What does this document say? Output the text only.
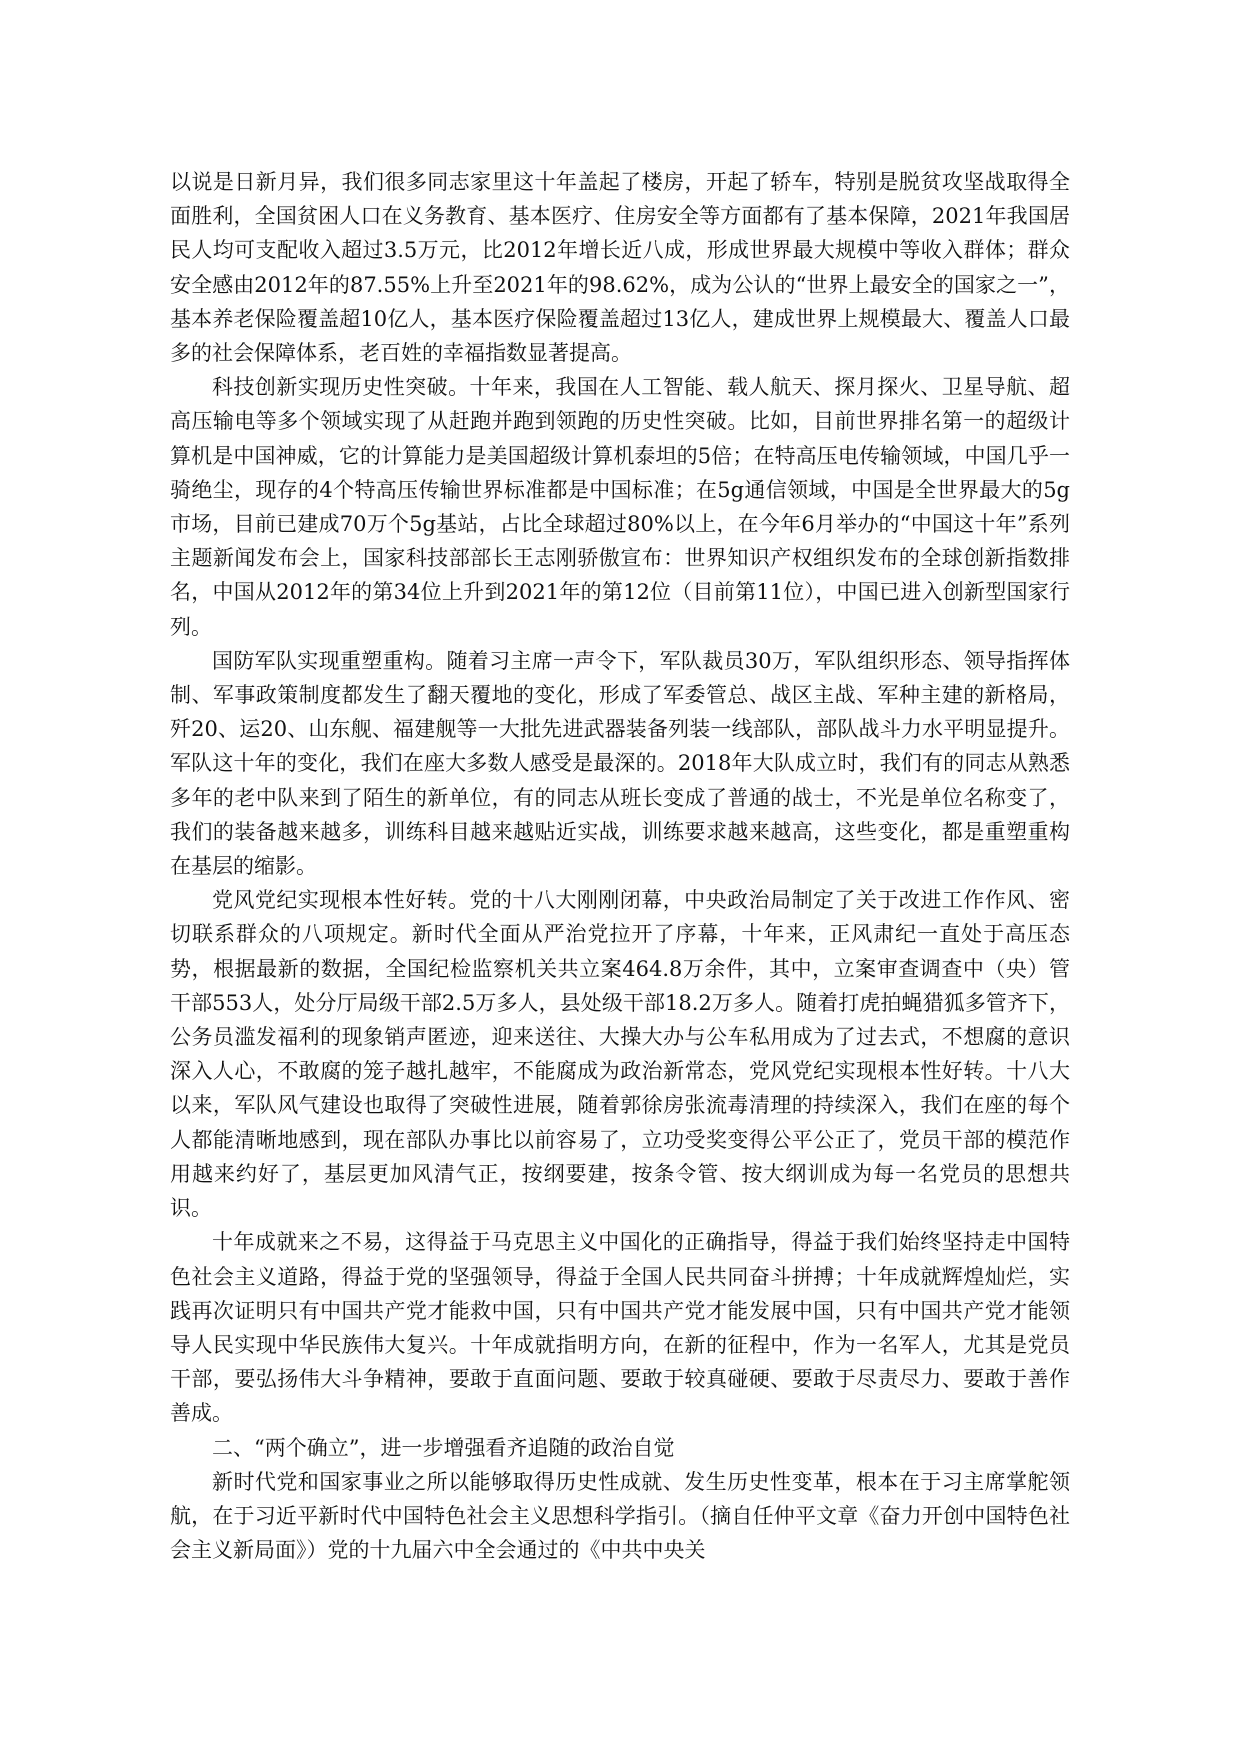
以说是日新月异，我们很多同志家里这十年盖起了楼房，开起了轿车，特别是脱贫攻坚战取得全面胜利，全国贫困人口在义务教育、基本医疗、住房安全等方面都有了基本保障，2021年我国居民人均可支配收入超过3.5万元，比2012年增长近八成，形成世界最大规模中等收入群体；群众安全感由2012年的87.55%上升至2021年的98.62%，成为公认的“世界上最安全的国家之一”，基本养老保险覆盖超10亿人，基本医疗保险覆盖超过13亿人，建成世界上规模最大、覆盖人口最多的社会保障体系，老百姓的幸福指数显著提高。

科技创新实现历史性突破。十年来，我国在人工智能、载人航天、探月探火、卫星导航、超高压输电等多个领域实现了从赶跑并跑到领跑的历史性突破。比如，目前世界排名第一的超级计算机是中国神威，它的计算能力是美国超级计算机泰坦的5倍；在特高压电传输领域，中国几乎一骑绝尘，现存的4个特高压传输世界标准都是中国标准；在5g通信领域，中国是全世界最大的5g市场，目前已建成70万个5g基站，占比全球超过80%以上，在今年6月举办的“中国这十年”系列主题新闻发布会上，国家科技部部长王志刚骄傲宣布：世界知识产权组织发布的全球创新指数排名，中国从2012年的第34位上升到2021年的第12位（目前第11位），中国已进入创新型国家行列。

国防军队实现重塑重构。随着习主席一声令下，军队裁员30万，军队组织形态、领导指挥体制、军事政策制度都发生了翻天覆地的变化，形成了军委管总、战区主战、军种主建的新格局，歼20、运20、山东舰、福建舰等一大批先进武器装备列装一线部队，部队战斗力水平明显提升。军队这十年的变化，我们在座大多数人感受是最深的。2018年大队成立时，我们有的同志从熟悉多年的老中队来到了陌生的新单位，有的同志从班长变成了普通的战士，不光是单位名称变了，我们的装备越来越多，训练科目越来越贴近实战，训练要求越来越高，这些变化，都是重塑重构在基层的缩影。

党风党纪实现根本性好转。党的十八大刚刚闭幕，中央政治局制定了关于改进工作作风、密切联系群众的八项规定。新时代全面从严治党拉开了序幕，十年来，正风肃纪一直处于高压态势，根据最新的数据，全国纪检监察机关共立案464.8万余件，其中，立案审查调查中（央）管干部553人，处分厅局级干部2.5万多人，县处级干部18.2万多人。随着打虎拍蝇猎狐多管齐下，公务员滥发福利的现象销声匿迹，迎来送往、大操大办与公车私用成为了过去式，不想腐的意识深入人心，不敢腐的笼子越扎越牢，不能腐成为政治新常态，党风党纪实现根本性好转。十八大以来，军队风气建设也取得了突破性进展，随着郭徐房张流毒清理的持续深入，我们在座的每个人都能清晰地感到，现在部队办事比以前容易了，立功受奖变得公平公正了，党员干部的模范作用越来约好了，基层更加风清气正，按纲要建，按条令管、按大纲训成为每一名党员的思想共识。

十年成就来之不易，这得益于马克思主义中国化的正确指导，得益于我们始终坚持走中国特色社会主义道路，得益于党的坚强领导，得益于全国人民共同奋斗拼搏；十年成就辉煌灿烂，实践再次证明只有中国共产党才能救中国，只有中国共产党才能发展中国，只有中国共产党才能领导人民实现中华民族伟大复兴。十年成就指明方向，在新的征程中，作为一名军人，尤其是党员干部，要弘扬伟大斗争精神，要敢于直面问题、要敢于较真碰硬、要敢于尽责尽力、要敢于善作善成。

二、“两个确立”，进一步增强看齐追随的政治自觉

新时代党和国家事业之所以能够取得历史性成就、发生历史性变革，根本在于习主席掌舵领航，在于习近平新时代中国特色社会主义思想科学指引。（摘自任仲平文章《奋力开创中国特色社会主义新局面》）党的十九届六中全会通过的《中共中央关
